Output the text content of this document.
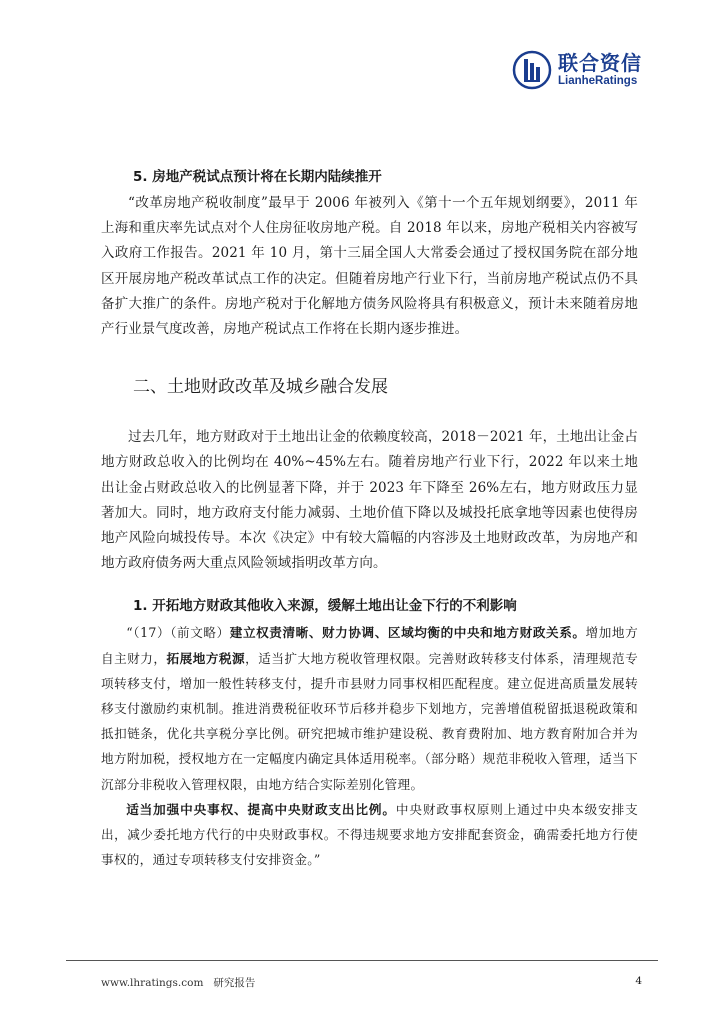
联合资信
LianheRatings
5. 房地产税试点预计将在长期内陆续推开

“改革房地产税收制度”最早于 2006 年被列入《第十一个五年规划纲要》，2011 年上海和重庆率先试点对个人住房征收房地产税。自 2018 年以来，房地产税相关内容被写入政府工作报告。2021 年 10 月，第十三届全国人大常委会通过了授权国务院在部分地区开展房地产税改革试点工作的决定。但随着房地产行业下行，当前房地产税试点仍不具备扩大推广的条件。房地产税对于化解地方债务风险将具有积极意义，预计未来随着房地产行业景气度改善，房地产税试点工作将在长期内逐步推进。

二、土地财政改革及城乡融合发展

过去几年，地方财政对于土地出让金的依赖度较高，2018－2021 年，土地出让金占地方财政总收入的比例均在 40%~45%左右。随着房地产行业下行，2022 年以来土地出让金占财政总收入的比例显著下降，并于 2023 年下降至 26%左右，地方财政压力显著加大。同时，地方政府支付能力减弱、土地价值下降以及城投托底拿地等因素也使得房地产风险向城投传导。本次《决定》中有较大篇幅的内容涉及土地财政改革，为房地产和地方政府债务两大重点风险领域指明改革方向。

1. 开拓地方财政其他收入来源，缓解土地出让金下行的不利影响

“（17）（前文略）建立权责清晰、财力协调、区域均衡的中央和地方财政关系。增加地方自主财力，拓展地方税源，适当扩大地方税收管理权限。完善财政转移支付体系，清理规范专项转移支付，增加一般性转移支付，提升市县财力同事权相匹配程度。建立促进高质量发展转移支付激励约束机制。推进消费税征收环节后移并稳步下划地方，完善增值税留抵退税政策和抵扣链条，优化共享税分享比例。研究把城市维护建设税、教育费附加、地方教育附加合并为地方附加税，授权地方在一定幅度内确定具体适用税率。（部分略）规范非税收入管理，适当下沉部分非税收入管理权限，由地方结合实际差别化管理。

适当加强中央事权、提高中央财政支出比例。中央财政事权原则上通过中央本级安排支出，减少委托地方代行的中央财政事权。不得违规要求地方安排配套资金，确需委托地方行使事权的，通过专项转移支付安排资金。”

www.lhratings.com 研究报告	4
